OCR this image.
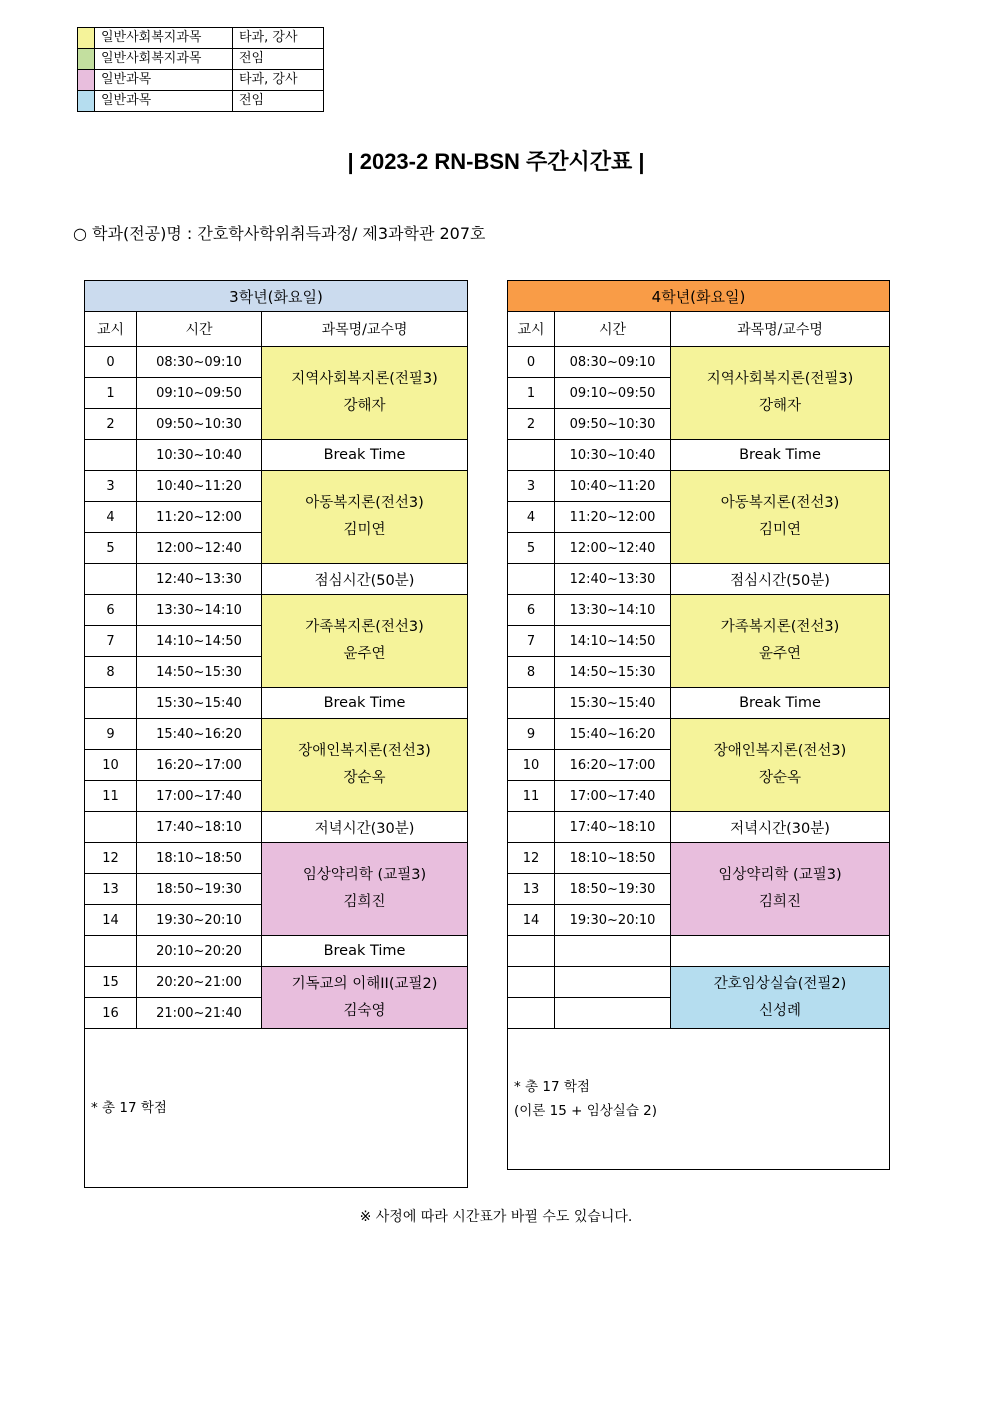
	일반사회복지과목	타과, 강사
	일반사회복지과목	전임
	일반과목	타과, 강사
	일반과목	전임
| 2023-2 RN-BSN 주간시간표 |
○ 학과(전공)명 : 간호학사학위취득과정/ 제3과학관 207호
3학년(화요일)		
교시	시간	과목명/교수명
0	08:30~09:10	지역사회복지론(전필3)
강해자

1	09:10~09:50	
2	09:50~10:30	
	10:30~10:40	Break Time
3	10:40~11:20	아동복지론(전선3)
김미연

4	11:20~12:00	
5	12:00~12:40	
	12:40~13:30	점심시간(50분)
6	13:30~14:10	가족복지론(전선3)
윤주연

7	14:10~14:50	
8	14:50~15:30	
	15:30~15:40	Break Time
9	15:40~16:20	장애인복지론(전선3)
장순옥

10	16:20~17:00	
11	17:00~17:40	
	17:40~18:10	저녁시간(30분)
12	18:10~18:50	임상약리학 (교필3)
김희진

13	18:50~19:30	
14	19:30~20:10	
	20:10~20:20	Break Time
15	20:20~21:00	기독교의 이해II(교필2)
김숙영

16	21:00~21:40	

* 총 17 학점		
4학년(화요일)		
교시	시간	과목명/교수명
0	08:30~09:10	지역사회복지론(전필3)
강해자

1	09:10~09:50	
2	09:50~10:30	
	10:30~10:40	Break Time
3	10:40~11:20	아동복지론(전선3)
김미연

4	11:20~12:00	
5	12:00~12:40	
	12:40~13:30	점심시간(50분)
6	13:30~14:10	가족복지론(전선3)
윤주연

7	14:10~14:50	
8	14:50~15:30	
	15:30~15:40	Break Time
9	15:40~16:20	장애인복지론(전선3)
장순옥

10	16:20~17:00	
11	17:00~17:40	
	17:40~18:10	저녁시간(30분)
12	18:10~18:50	임상약리학 (교필3)
김희진

13	18:50~19:30	
14	19:30~20:10	

		간호임상실습(전필2)
신성례

* 총 17 학점
(이론 15 + 임상실습 2)		
※ 사정에 따라 시간표가 바뀔 수도 있습니다.
